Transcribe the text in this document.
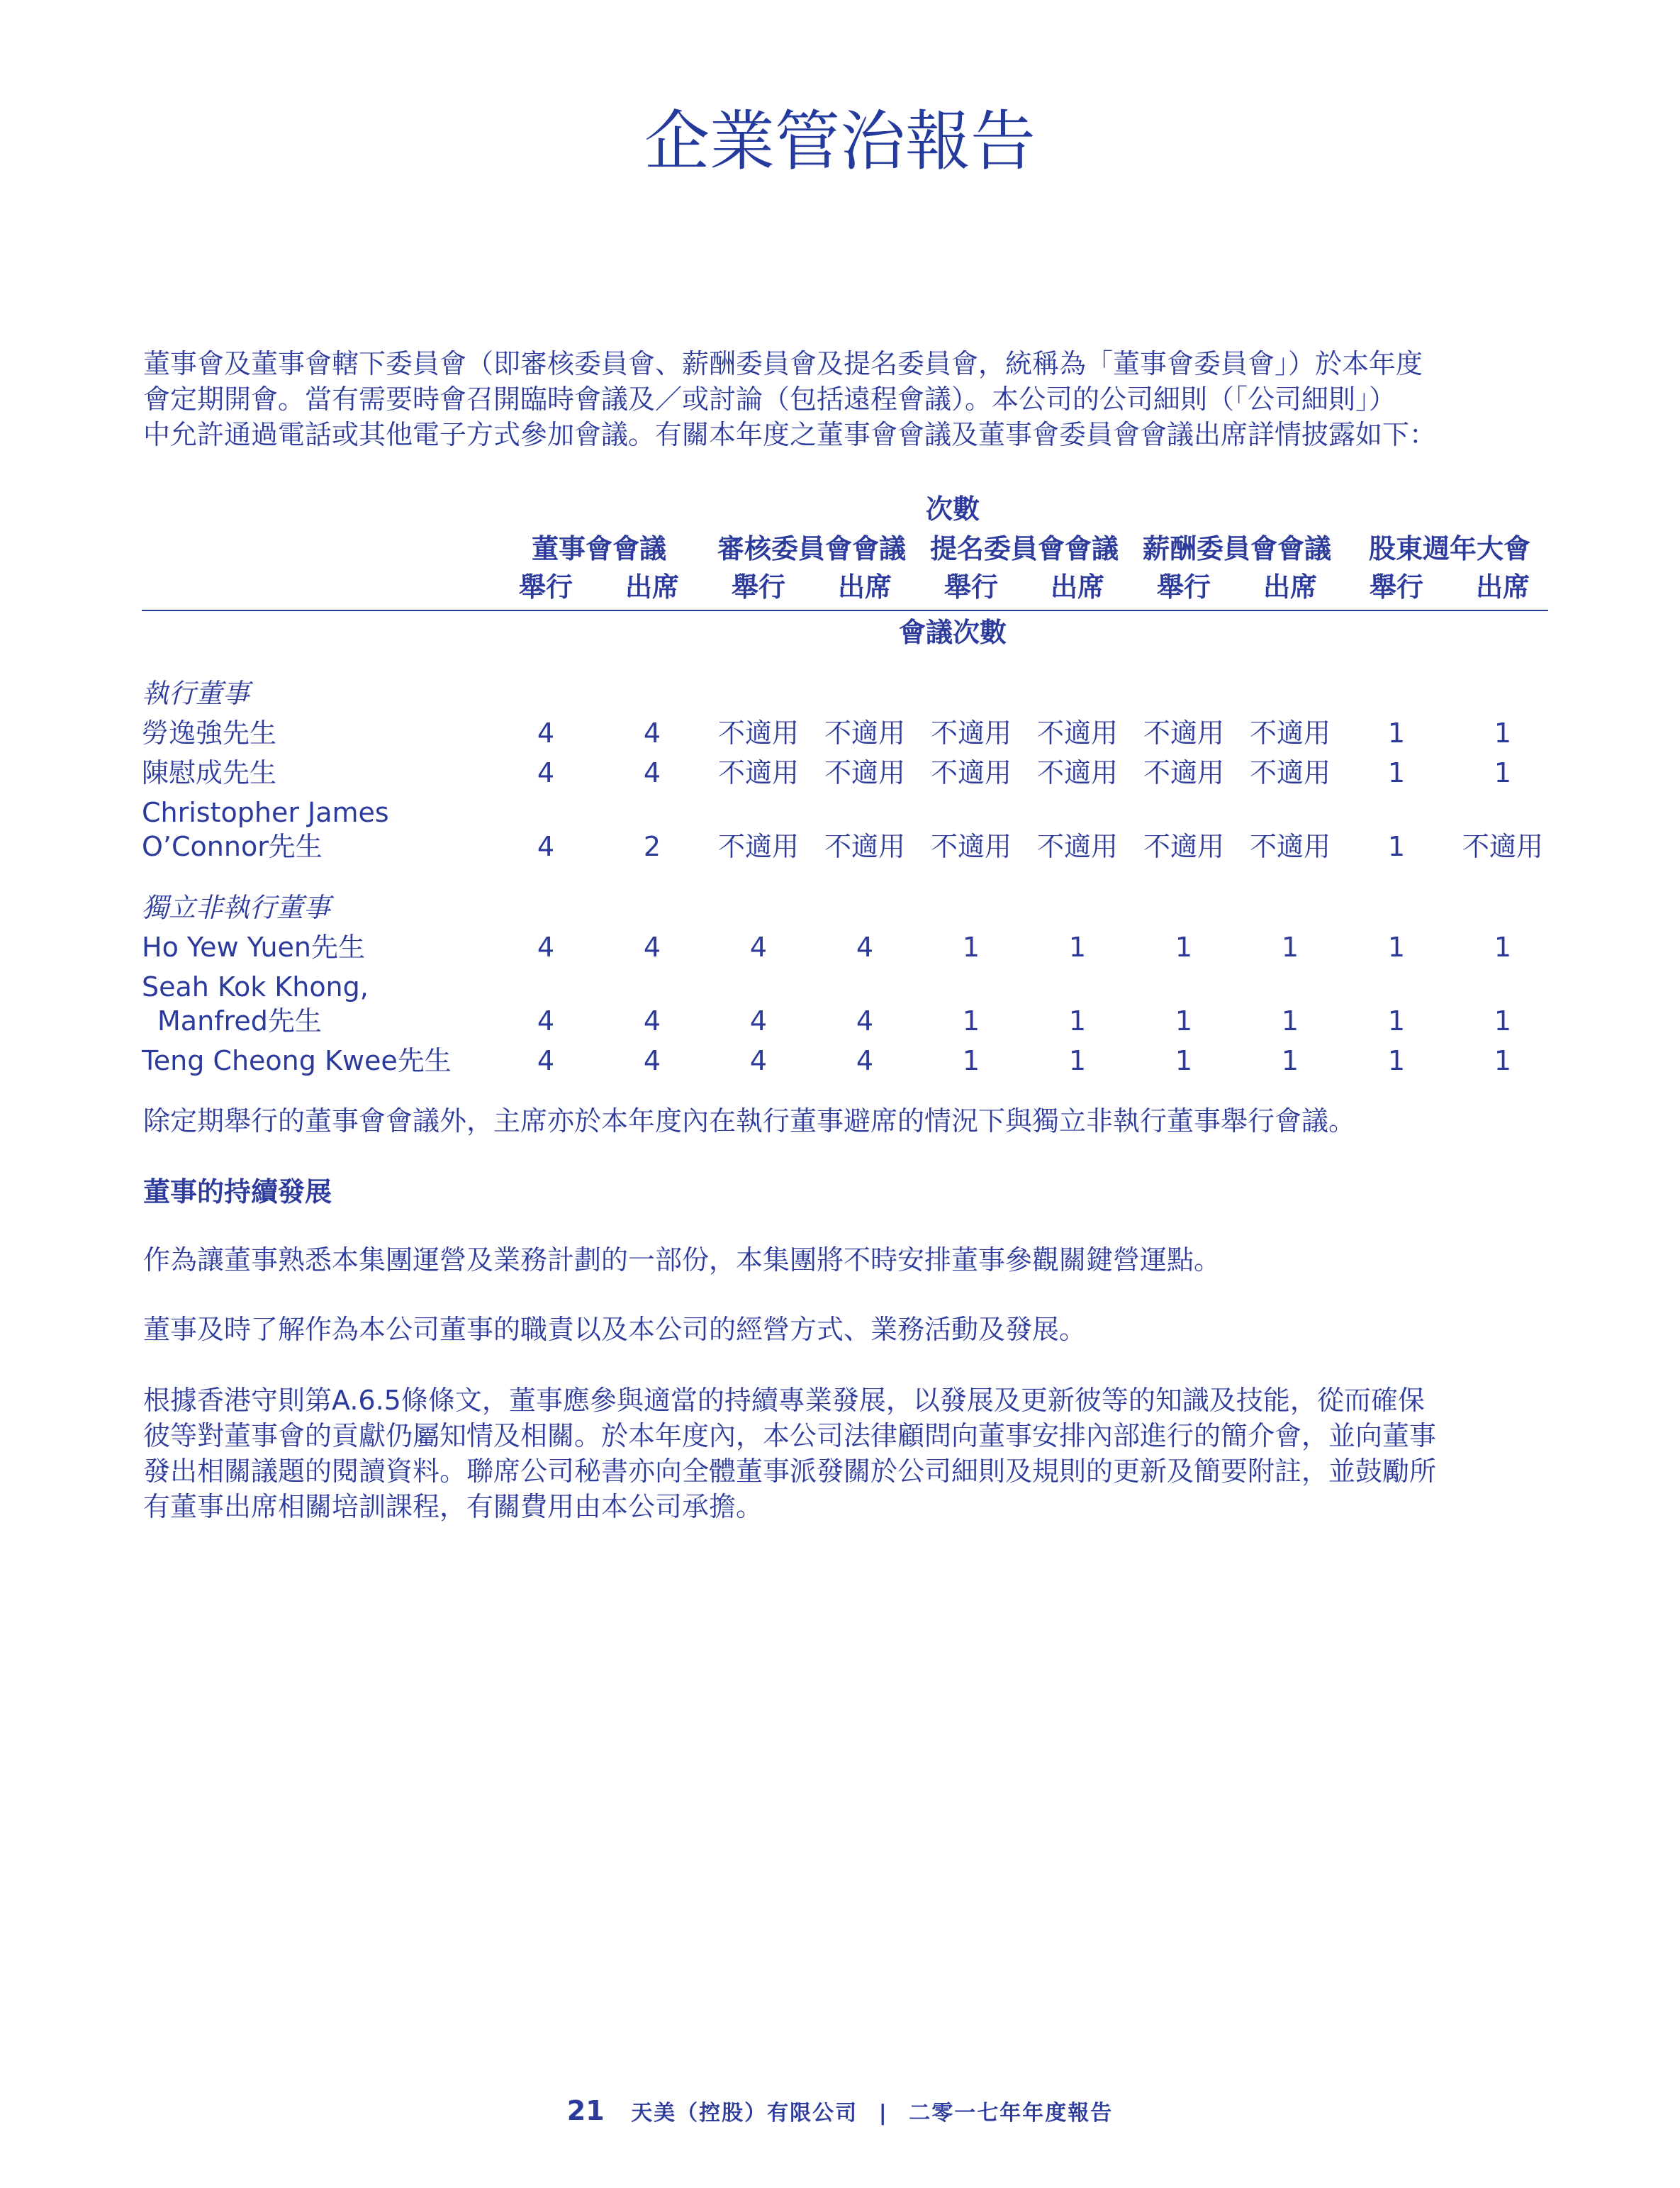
企業管治報告
董事會及董事會轄下委員會（即審核委員會、薪酬委員會及提名委員會，統稱為「董事會委員會」）於本年度
會定期開會。當有需要時會召開臨時會議及／或討論（包括遠程會議）。本公司的公司細則（「公司細則」）
中允許通過電話或其他電子方式參加會議。有關本年度之董事會會議及董事會委員會會議出席詳情披露如下：
次數
董事會會議	審核委員會會議 提名委員會會議 薪酬委員會會議	股東週年大會
舉行	出席	舉行	出席	舉行	出席	舉行	出席	舉行	出席
會議次數
執行董事
勞逸強先生	4	4	不適用 不適用 不適用 不適用 不適用 不適用	1	1
陳慰成先生	4	4	不適用 不適用 不適用 不適用 不適用 不適用	1	1
Christopher James
O’Connor先生	4	2	不適用 不適用 不適用 不適用 不適用 不適用	1	不適用
獨立非執行董事
Ho Yew Yuen先生	4	4	4	4	1	1	1	1	1	1
Seah Kok Khong,
Manfred先生	4	4	4	4	1	1	1	1	1	1
Teng Cheong Kwee先生	4	4	4	4	1	1	1	1	1	1
除定期舉行的董事會會議外，主席亦於本年度內在執行董事避席的情況下與獨立非執行董事舉行會議。
董事的持續發展
作為讓董事熟悉本集團運營及業務計劃的一部份，本集團將不時安排董事參觀關鍵營運點。
董事及時了解作為本公司董事的職責以及本公司的經營方式、業務活動及發展。
根據香港守則第A.6.5條條文，董事應參與適當的持續專業發展，以發展及更新彼等的知識及技能，從而確保
彼等對董事會的貢獻仍屬知情及相關。於本年度內，本公司法律顧問向董事安排內部進行的簡介會，並向董事
發出相關議題的閱讀資料。聯席公司秘書亦向全體董事派發關於公司細則及規則的更新及簡要附註，並鼓勵所
有董事出席相關培訓課程，有關費用由本公司承擔。
21 天美（控股）有限公司 | 二零一七年年度報告
